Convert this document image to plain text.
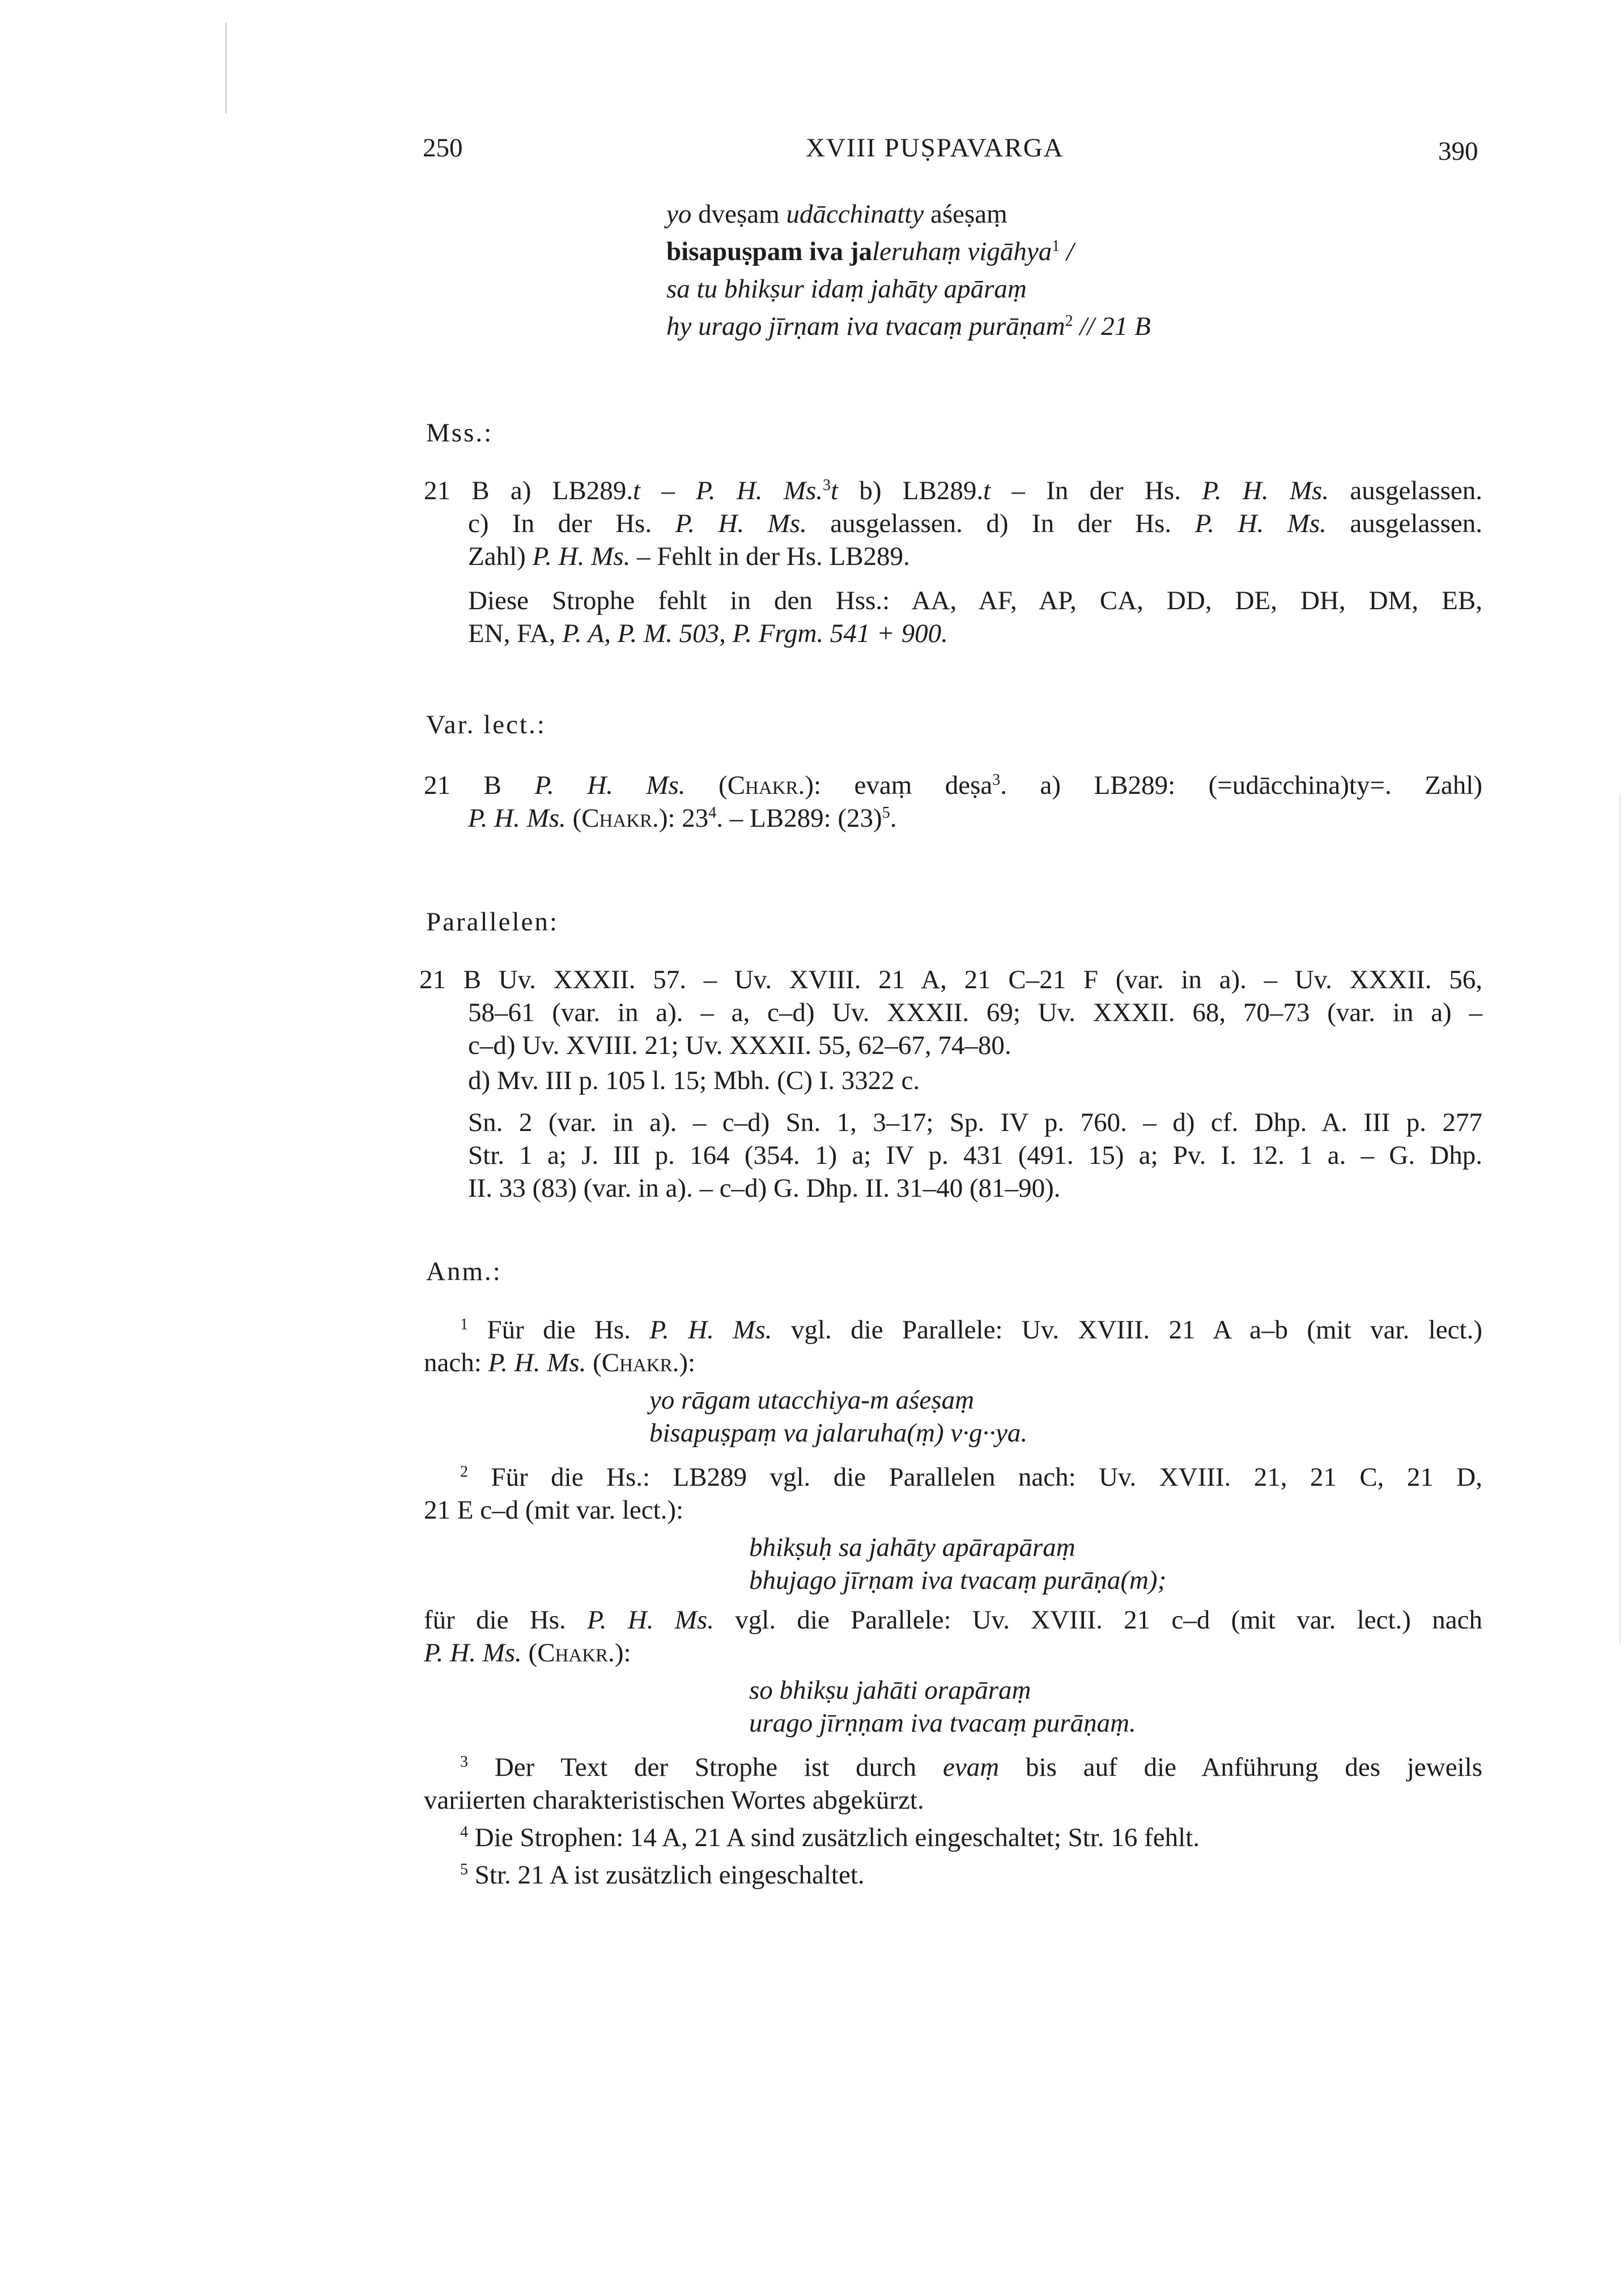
250	XVIII PUṢPAVARGA	390
yo dveṣam udācchinatty aśeṣaṃ
bisapuṣpam iva jaleruhaṃ vigāhya$^1$ /
sa tu bhikṣur idaṃ jahāty apāraṃ
hy urago jīrṇam iva tvacaṃ purāṇam$^2$ // 21 B
Mss.:
21 B a) LB289.t – P. H. Ms.$^3$t b) LB289.t – In der Hs. P. H. Ms. ausgelassen.
c) In der Hs. P. H. Ms. ausgelassen. d) In der Hs. P. H. Ms. ausgelassen.
Zahl) P. H. Ms. – Fehlt in der Hs. LB289.
Diese Strophe fehlt in den Hss.: AA, AF, AP, CA, DD, DE, DH, DM, EB,
EN, FA, P. A, P. M. 503, P. Frgm. 541 + 900.
Var. lect.:
21 B P. H. Ms. (Chakr.): evaṃ deṣa$^3$. a) LB289: (=udācchina)ty=. Zahl)
P. H. Ms. (Chakr.): $23^4$. – LB289: $(23)^5$.
Parallelen:
21 B Uv. XXXII. 57. – Uv. XVIII. 21 A, 21 C–21 F (var. in a). – Uv. XXXII. 56,
58–61 (var. in a). – a, c–d) Uv. XXXII. 69; Uv. XXXII. 68, 70–73 (var. in a) –
c–d) Uv. XVIII. 21; Uv. XXXII. 55, 62–67, 74–80.
d) Mv. III p. 105 l. 15; Mbh. (C) I. 3322 c.
Sn. 2 (var. in a). – c–d) Sn. 1, 3–17; Sp. IV p. 760. – d) cf. Dhp. A. III p. 277
Str. 1 a; J. III p. 164 (354. 1) a; IV p. 431 (491. 15) a; Pv. I. 12. 1 a. – G. Dhp.
II. 33 (83) (var. in a). – c–d) G. Dhp. II. 31–40 (81–90).
Anm.:
$^1$ Für die Hs. P. H. Ms. vgl. die Parallele: Uv. XVIII. 21 A a–b (mit var. lect.)
nach: P. H. Ms. (Chakr.):
yo rāgam utacchiya-m aśeṣaṃ
bisapuṣpaṃ va jalaruha(ṃ) v·g··ya.
$^2$ Für die Hs.: LB289 vgl. die Parallelen nach: Uv. XVIII. 21, 21 C, 21 D,
21 E c–d (mit var. lect.):
bhikṣuḥ sa jahāty apārapāraṃ
bhujago jīrṇam iva tvacaṃ purāṇa(m);
für die Hs. P. H. Ms. vgl. die Parallele: Uv. XVIII. 21 c–d (mit var. lect.) nach
P. H. Ms. (Chakr.):
so bhikṣu jahāti orapāraṃ
urago jīrṇṇam iva tvacaṃ purāṇaṃ.
$^3$ Der Text der Strophe ist durch evaṃ bis auf die Anführung des jeweils
variierten charakteristischen Wortes abgekürzt.
$^4$ Die Strophen: 14 A, 21 A sind zusätzlich eingeschaltet; Str. 16 fehlt.
$^5$ Str. 21 A ist zusätzlich eingeschaltet.
